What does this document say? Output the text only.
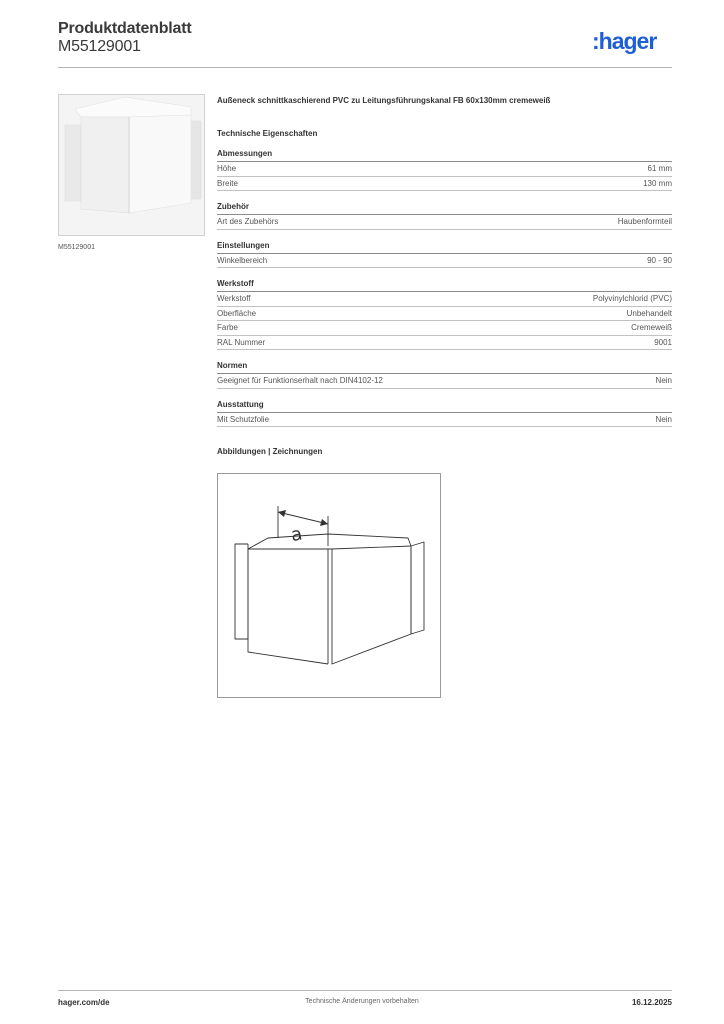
Produktdatenblatt
M55129001	:hager
M55129001
Außeneck schnittkaschierend PVC zu Leitungsführungskanal FB 60x130mm cremeweiß
Technische Eigenschaften
Abmessungen
Höhe	61 mm
Breite	130 mm
Zubehör
Art des Zubehörs	Haubenformteil
Einstellungen
Winkelbereich	90 - 90
Werkstoff
Werkstoff	Polyvinylchlorid (PVC)
Oberfläche	Unbehandelt
Farbe	Cremeweiß
RAL Nummer	9001
Normen
Geeignet für Funktionserhalt nach DIN4102-12	Nein
Ausstattung
Mit Schutzfolie	Nein
Abbildungen | Zeichnungen
a
hager.com/de	Technische Änderungen vorbehalten	16.12.2025
